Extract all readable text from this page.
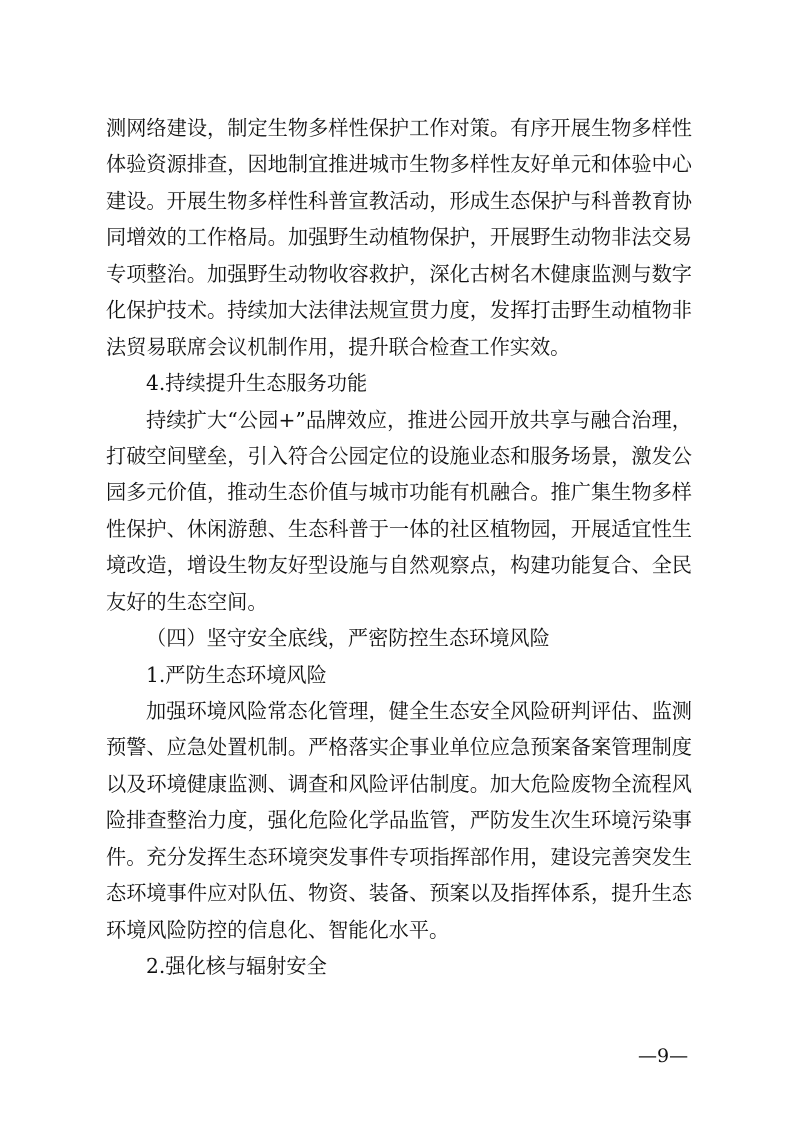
测网络建设，制定生物多样性保护工作对策。有序开展生物多样性
体验资源排查，因地制宜推进城市生物多样性友好单元和体验中心
建设。开展生物多样性科普宣教活动，形成生态保护与科普教育协
同增效的工作格局。加强野生动植物保护，开展野生动物非法交易
专项整治。加强野生动物收容救护，深化古树名木健康监测与数字
化保护技术。持续加大法律法规宣贯力度，发挥打击野生动植物非
法贸易联席会议机制作用，提升联合检查工作实效。
4.持续提升生态服务功能
持续扩大“公园+”品牌效应，推进公园开放共享与融合治理，
打破空间壁垒，引入符合公园定位的设施业态和服务场景，激发公
园多元价值，推动生态价值与城市功能有机融合。推广集生物多样
性保护、休闲游憩、生态科普于一体的社区植物园，开展适宜性生
境改造，增设生物友好型设施与自然观察点，构建功能复合、全民
友好的生态空间。
（四）坚守安全底线，严密防控生态环境风险
1.严防生态环境风险
加强环境风险常态化管理，健全生态安全风险研判评估、监测
预警、应急处置机制。严格落实企事业单位应急预案备案管理制度
以及环境健康监测、调查和风险评估制度。加大危险废物全流程风
险排查整治力度，强化危险化学品监管，严防发生次生环境污染事
件。充分发挥生态环境突发事件专项指挥部作用，建设完善突发生
态环境事件应对队伍、物资、装备、预案以及指挥体系，提升生态
环境风险防控的信息化、智能化水平。
2.强化核与辐射安全
—9—
